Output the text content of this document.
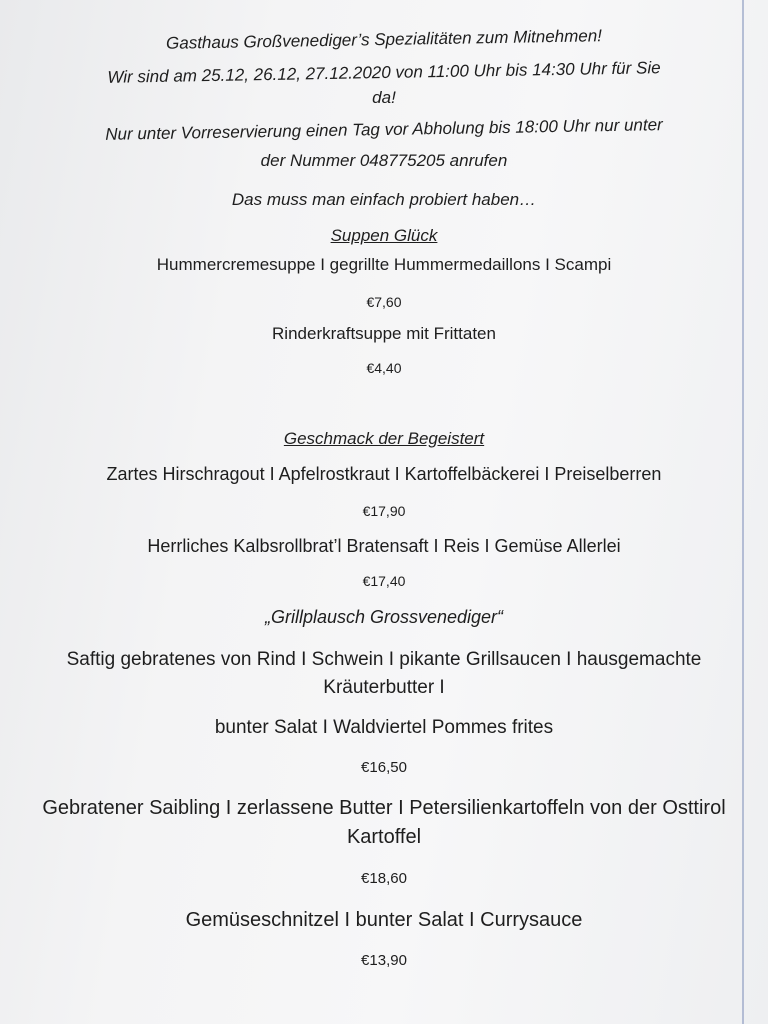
Gasthaus Großvenediger’s Spezialitäten zum Mitnehmen!
Wir sind am 25.12, 26.12, 27.12.2020 von 11:00 Uhr bis 14:30 Uhr für Sie
da!
Nur unter Vorreservierung einen Tag vor Abholung bis 18:00 Uhr nur unter
der Nummer 048775205 anrufen
Das muss man einfach probiert haben…
Suppen Glück
Hummercremesuppe I gegrillte Hummermedaillons I Scampi
€7,60
Rinderkraftsuppe mit Frittaten
€4,40
Geschmack der Begeistert
Zartes Hirschragout I Apfelrostkraut I Kartoffelbäckerei I Preiselberren
€17,90
Herrliches Kalbsrollbrat’l Bratensaft I Reis I Gemüse Allerlei
€17,40
„Grillplausch Grossvenediger“
Saftig gebratenes von Rind I Schwein I pikante Grillsaucen I hausgemachte
Kräuterbutter I
bunter Salat I Waldviertel Pommes frites
€16,50
Gebratener Saibling I zerlassene Butter I Petersilienkartoffeln von der Osttirol
Kartoffel
€18,60
Gemüseschnitzel I bunter Salat I Currysauce
€13,90
